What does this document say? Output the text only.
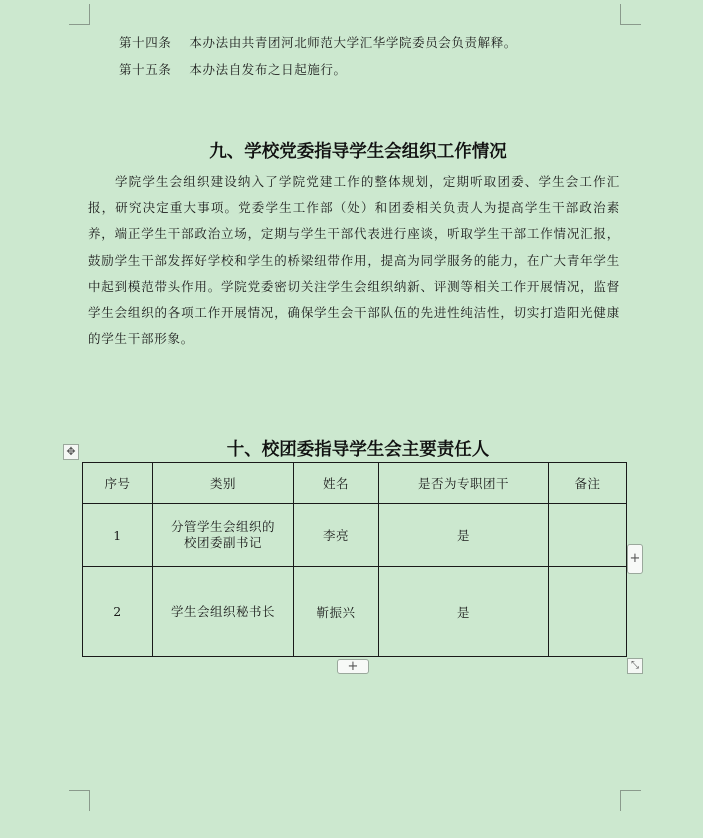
第十四条 本办法由共青团河北师范大学汇华学院委员会负责解释。
第十五条 本办法自发布之日起施行。
九、学校党委指导学生会组织工作情况
学院学生会组织建设纳入了学院党建工作的整体规划，定期听取团委、学生会工作汇报，研究决定重大事项。党委学生工作部（处）和团委相关负责人为提高学生干部政治素养，端正学生干部政治立场，定期与学生干部代表进行座谈，听取学生干部工作情况汇报，鼓励学生干部发挥好学校和学生的桥梁纽带作用，提高为同学服务的能力，在广大青年学生中起到模范带头作用。学院党委密切关注学生会组织纳新、评测等相关工作开展情况，监督学生会组织的各项工作开展情况，确保学生会干部队伍的先进性纯洁性，切实打造阳光健康的学生干部形象。
十、校团委指导学生会主要责任人
✥
序号	类别	姓名	是否为专职团干	备注
1	分管学生会组织的
校团委副书记	李亮	是	
2	学生会组织秘书长	靳振兴	是	
+
+	⤡
